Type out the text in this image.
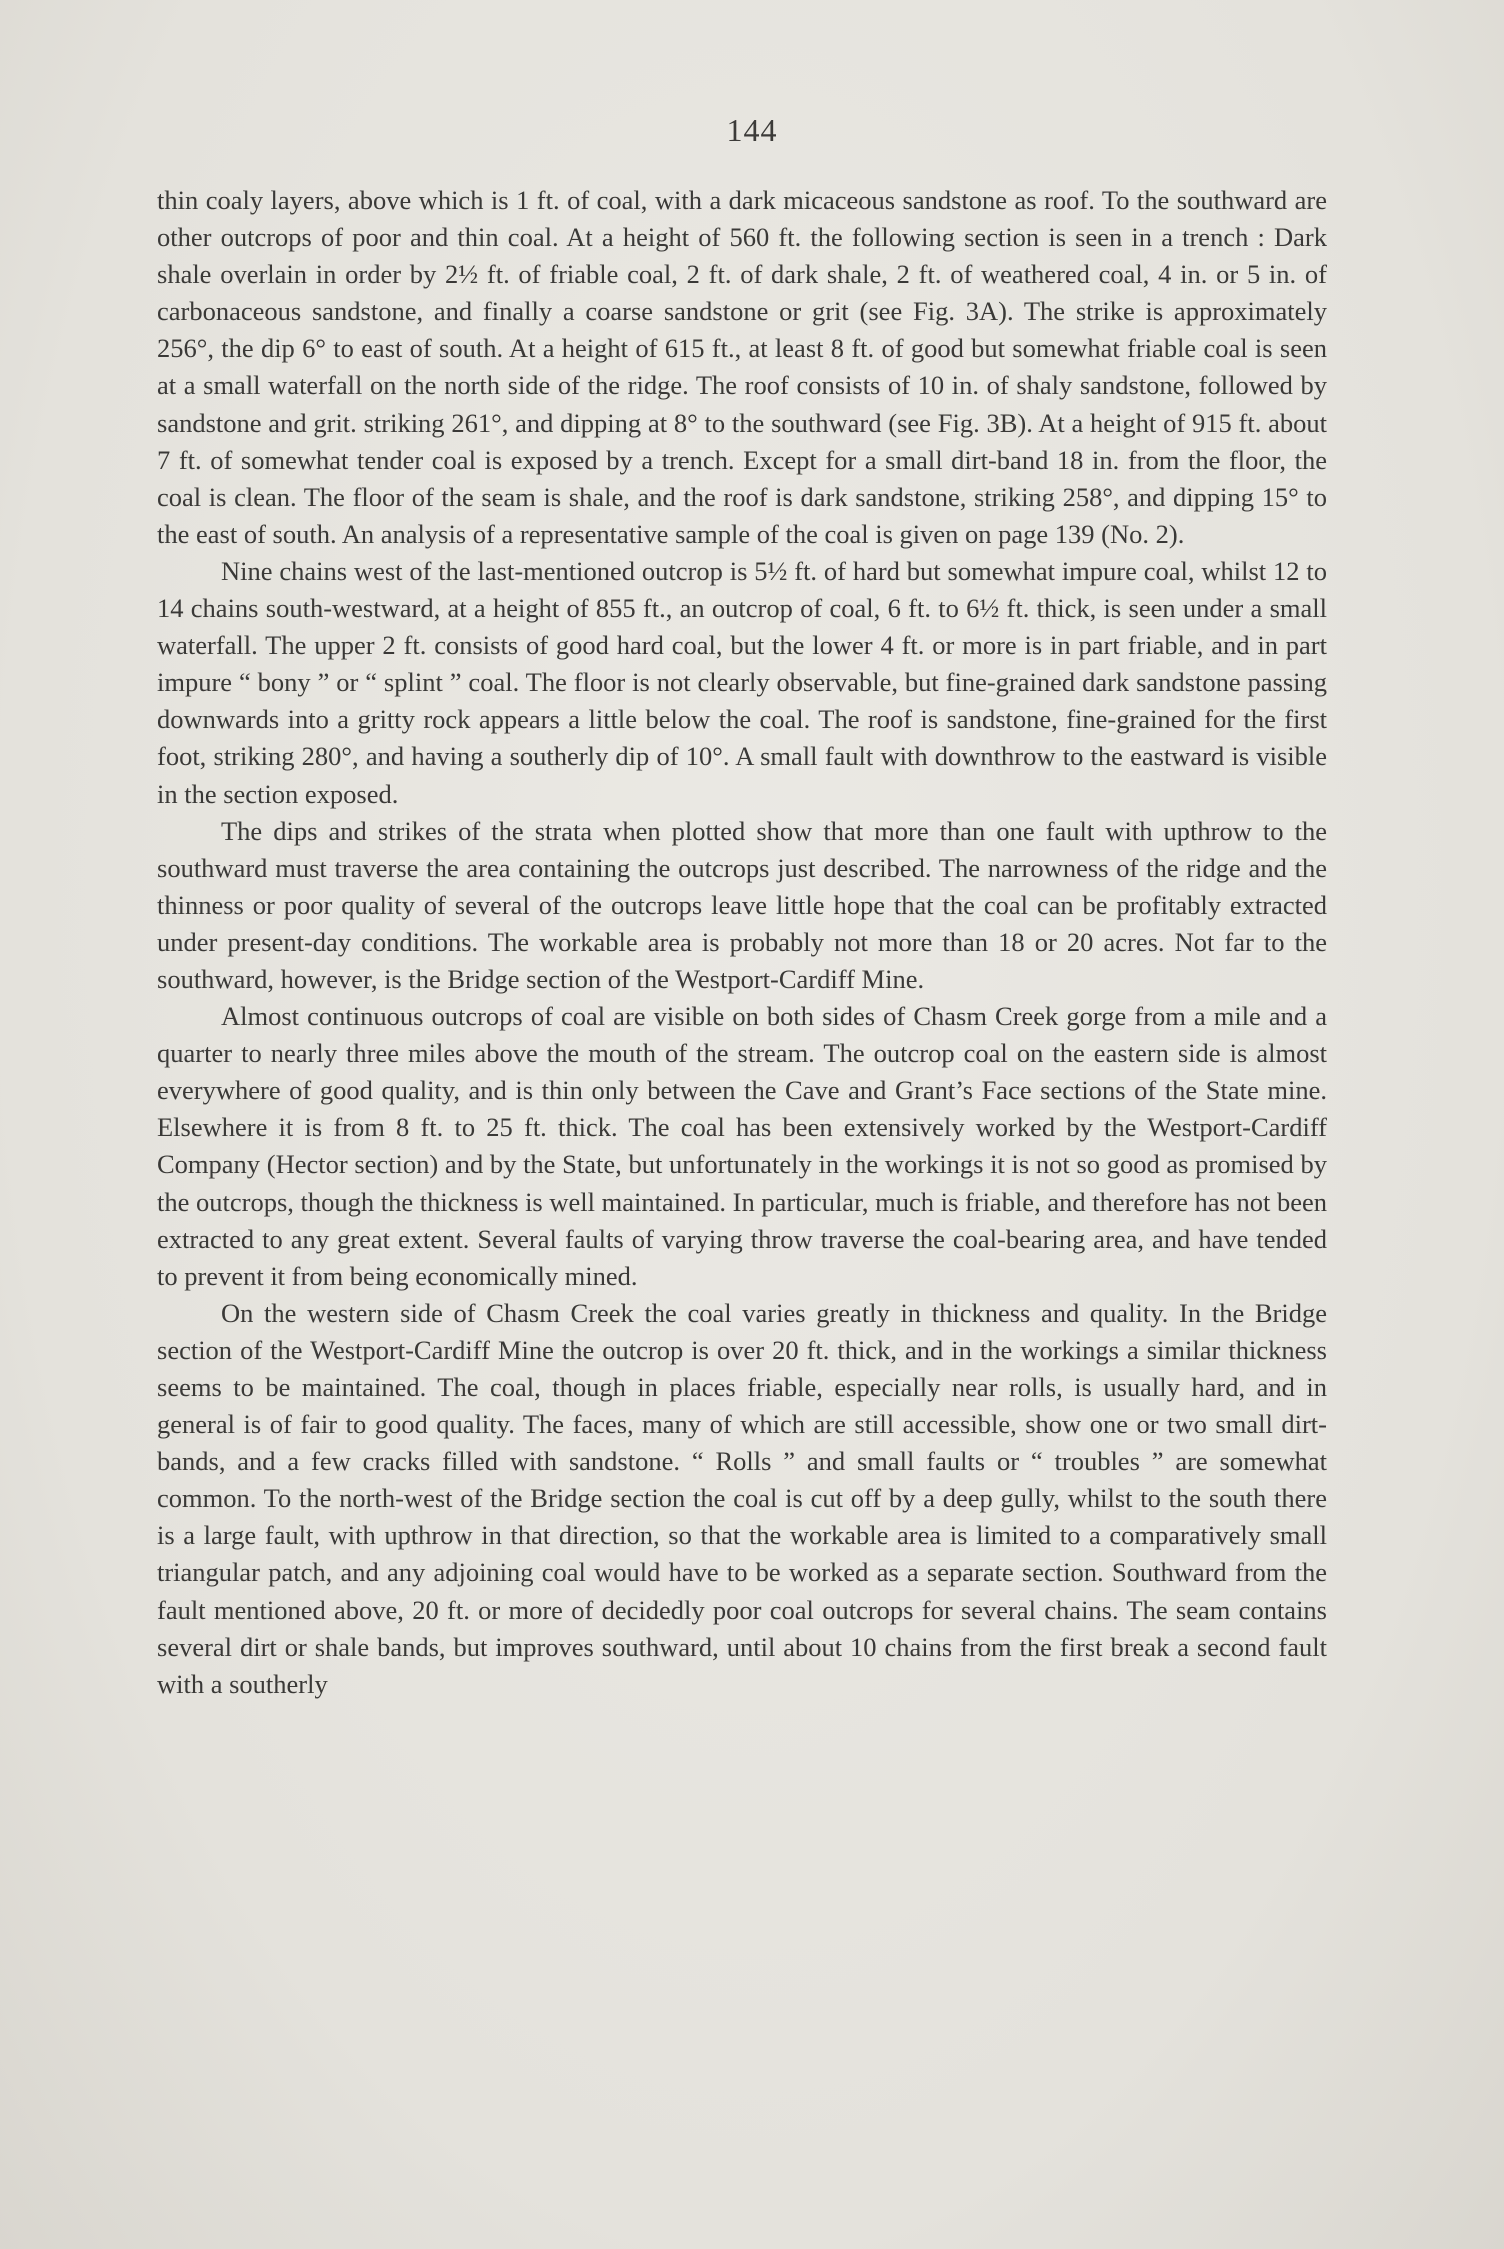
144

thin coaly layers, above which is 1 ft. of coal, with a dark micaceous sandstone as roof. To the southward are other outcrops of poor and thin coal. At a height of 560 ft. the following section is seen in a trench : Dark shale overlain in order by 2½ ft. of friable coal, 2 ft. of dark shale, 2 ft. of weathered coal, 4 in. or 5 in. of carbonaceous sandstone, and finally a coarse sandstone or grit (see Fig. 3A). The strike is approximately 256°, the dip 6° to east of south. At a height of 615 ft., at least 8 ft. of good but somewhat friable coal is seen at a small waterfall on the north side of the ridge. The roof consists of 10 in. of shaly sandstone, followed by sandstone and grit. striking 261°, and dipping at 8° to the southward (see Fig. 3B). At a height of 915 ft. about 7 ft. of somewhat tender coal is exposed by a trench. Except for a small dirt-band 18 in. from the floor, the coal is clean. The floor of the seam is shale, and the roof is dark sandstone, striking 258°, and dipping 15° to the east of south. An analysis of a representative sample of the coal is given on page 139 (No. 2).

Nine chains west of the last-mentioned outcrop is 5½ ft. of hard but somewhat impure coal, whilst 12 to 14 chains south-westward, at a height of 855 ft., an outcrop of coal, 6 ft. to 6½ ft. thick, is seen under a small waterfall. The upper 2 ft. consists of good hard coal, but the lower 4 ft. or more is in part friable, and in part impure “ bony ” or “ splint ” coal. The floor is not clearly observable, but fine-grained dark sandstone passing downwards into a gritty rock appears a little below the coal. The roof is sandstone, fine-grained for the first foot, striking 280°, and having a southerly dip of 10°. A small fault with downthrow to the eastward is visible in the section exposed.

The dips and strikes of the strata when plotted show that more than one fault with upthrow to the southward must traverse the area containing the outcrops just described. The narrowness of the ridge and the thinness or poor quality of several of the outcrops leave little hope that the coal can be profitably extracted under present-day conditions. The workable area is probably not more than 18 or 20 acres. Not far to the southward, however, is the Bridge section of the Westport-Cardiff Mine.

Almost continuous outcrops of coal are visible on both sides of Chasm Creek gorge from a mile and a quarter to nearly three miles above the mouth of the stream. The outcrop coal on the eastern side is almost everywhere of good quality, and is thin only between the Cave and Grant’s Face sections of the State mine. Elsewhere it is from 8 ft. to 25 ft. thick. The coal has been extensively worked by the Westport-Cardiff Company (Hector section) and by the State, but unfortunately in the workings it is not so good as promised by the outcrops, though the thickness is well maintained. In particular, much is friable, and therefore has not been extracted to any great extent. Several faults of varying throw traverse the coal-bearing area, and have tended to prevent it from being economically mined.

On the western side of Chasm Creek the coal varies greatly in thickness and quality. In the Bridge section of the Westport-Cardiff Mine the outcrop is over 20 ft. thick, and in the workings a similar thickness seems to be maintained. The coal, though in places friable, especially near rolls, is usually hard, and in general is of fair to good quality. The faces, many of which are still accessible, show one or two small dirt-bands, and a few cracks filled with sandstone. “ Rolls ” and small faults or “ troubles ” are somewhat common. To the north-west of the Bridge section the coal is cut off by a deep gully, whilst to the south there is a large fault, with upthrow in that direction, so that the workable area is limited to a comparatively small triangular patch, and any adjoining coal would have to be worked as a separate section. Southward from the fault mentioned above, 20 ft. or more of decidedly poor coal outcrops for several chains. The seam contains several dirt or shale bands, but improves southward, until about 10 chains from the first break a second fault with a southerly
